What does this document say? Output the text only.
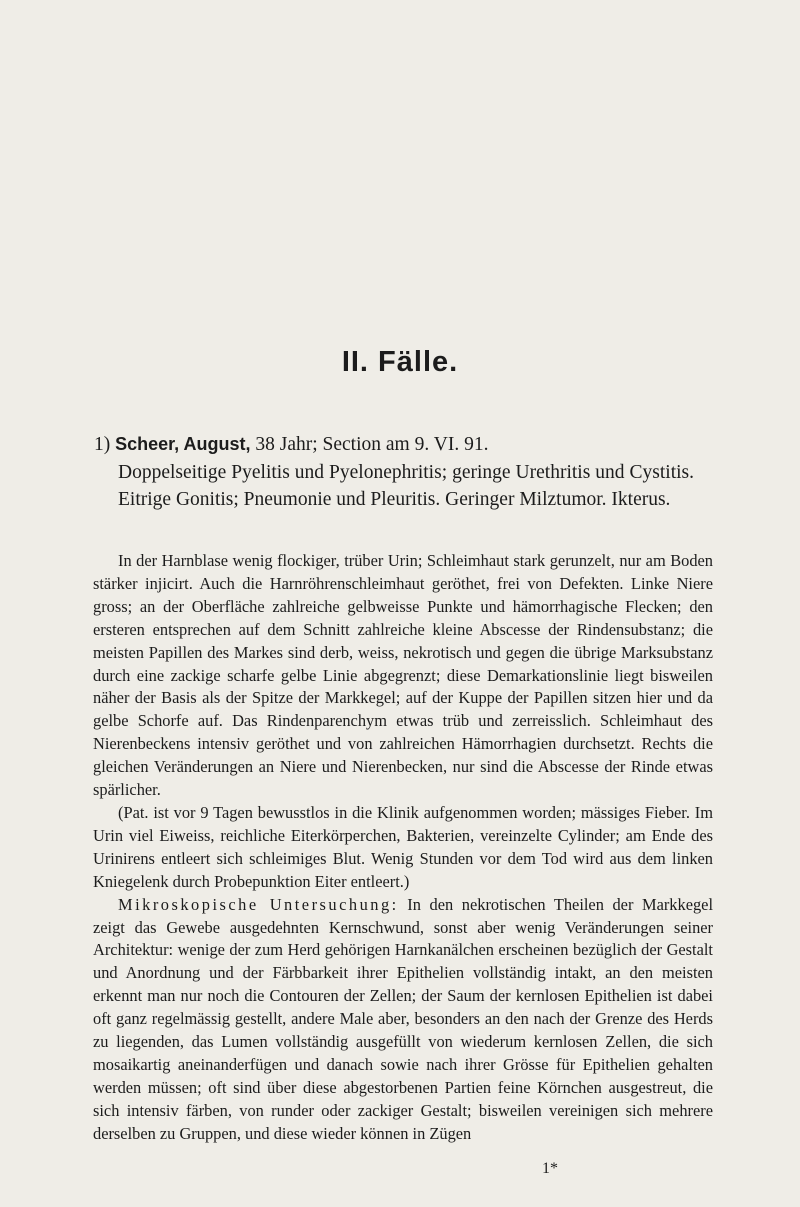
II. Fälle.
1) Scheer, August, 38 Jahr; Section am 9. VI. 91.
Doppelseitige Pyelitis und Pyelonephritis; geringe Urethritis und Cystitis. Eitrige Gonitis; Pneumonie und Pleuritis. Geringer Milztumor. Ikterus.

In der Harnblase wenig flockiger, trüber Urin; Schleimhaut stark gerunzelt, nur am Boden stärker injicirt. Auch die Harnröhrenschleimhaut geröthet, frei von Defekten. Linke Niere gross; an der Oberfläche zahlreiche gelbweisse Punkte und hämorrhagische Flecken; den ersteren entsprechen auf dem Schnitt zahlreiche kleine Abscesse der Rindensubstanz; die meisten Papillen des Markes sind derb, weiss, nekrotisch und gegen die übrige Marksubstanz durch eine zackige scharfe gelbe Linie abgegrenzt; diese Demarkationslinie liegt bisweilen näher der Basis als der Spitze der Markkegel; auf der Kuppe der Papillen sitzen hier und da gelbe Schorfe auf. Das Rindenparenchym etwas trüb und zerreisslich. Schleimhaut des Nierenbeckens intensiv geröthet und von zahlreichen Hämorrhagien durchsetzt. Rechts die gleichen Veränderungen an Niere und Nierenbecken, nur sind die Abscesse der Rinde etwas spärlicher.

(Pat. ist vor 9 Tagen bewusstlos in die Klinik aufgenommen worden; mässiges Fieber. Im Urin viel Eiweiss, reichliche Eiterkörperchen, Bakterien, vereinzelte Cylinder; am Ende des Urinirens entleert sich schleimiges Blut. Wenig Stunden vor dem Tod wird aus dem linken Kniegelenk durch Probepunktion Eiter entleert.)

Mikroskopische Untersuchung: In den nekrotischen Theilen der Markkegel zeigt das Gewebe ausgedehnten Kernschwund, sonst aber wenig Veränderungen seiner Architektur: wenige der zum Herd gehörigen Harnkanälchen erscheinen bezüglich der Gestalt und Anordnung und der Färbbarkeit ihrer Epithelien vollständig intakt, an den meisten erkennt man nur noch die Contouren der Zellen; der Saum der kernlosen Epithelien ist dabei oft ganz regelmässig gestellt, andere Male aber, besonders an den nach der Grenze des Herds zu liegenden, das Lumen vollständig ausgefüllt von wiederum kernlosen Zellen, die sich mosaikartig aneinanderfügen und danach sowie nach ihrer Grösse für Epithelien gehalten werden müssen; oft sind über diese abgestorbenen Partien feine Körnchen ausgestreut, die sich intensiv färben, von runder oder zackiger Gestalt; bisweilen vereinigen sich mehrere derselben zu Gruppen, und diese wieder können in Zügen

1*
